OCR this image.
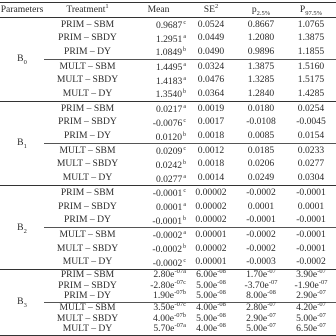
Parameters	Treatment$^1$	Mean	$SE^2$	$p_{2.5\%}$	$P_{97.5\%}$
$B_0$	PRIM – SBM	0.9687$^c$	0.0524	0.8667	1.0765
	PRIM – SBDY	1.2951$^a$	0.0449	1.2080	1.3875
	PRIM – DY	1.0849$^b$	0.0490	0.9896	1.1855
	MULT – SBM	1.4495$^a$	0.0324	1.3875	1.5160
	MULT – SBDY	1.4183$^a$	0.0476	1.3285	1.5175
	MULT – DY	1.3540$^b$	0.0364	1.2840	1.4285
$B_1$	PRIM – SBM	0.0217$^a$	0.0019	0.0180	0.0254
	PRIM – SBDY	-0.0076$^c$	0.0017	-0.0108	-0.0045
	PRIM – DY	0.0120$^b$	0.0018	0.0085	0.0154
	MULT – SBM	0.0209$^c$	0.0012	0.0185	0.0233
	MULT – SBDY	0.0242$^b$	0.0018	0.0206	0.0277
	MULT – DY	0.0277$^a$	0.0014	0.0249	0.0304
$B_2$	PRIM – SBM	-0.0001$^c$	0.00002	-0.0002	-0.0001
	PRIM – SBDY	0.0001$^a$	0.00002	0.0001	0.0001
	PRIM – DY	-0.0001$^b$	0.00002	-0.0001	-0.0001
	MULT – SBM	-0.0002$^a$	0.00001	-0.0002	-0.0001
	MULT – SBDY	-0.0002$^b$	0.00002	-0.0002	-0.0001
	MULT – DY	-0.0002$^c$	0.00001	-0.0003	-0.0002
$B_3$	PRIM – SBM	$2.80e^{-07a}$	$6.00e^{-08}$	$1.70e^{-07}$	$3.90e^{-07}$
	PRIM – SBDY	$-2.80e^{-07c}$	$5.00e^{-08}$	$-3.70e^{-07}$	$-1.90e^{-07}$
	PRIM – DY	$1.90e^{-07b}$	$5.00e^{-08}$	$8.00e^{-08}$	$2.90e^{-07}$
	MULT – SBM	$3.50e^{-07c}$	$4.00e^{-08}$	$2.80e^{-07}$	$4.20e^{-07}$
	MULT – SBDY	$4.00e^{-07b}$	$5.00e^{-08}$	$2.90e^{-07}$	$5.00e^{-07}$
	MULT – DY	$5.70e^{-07a}$	$4.00e^{-08}$	$5.00e^{-07}$	$6.50e^{-07}$
